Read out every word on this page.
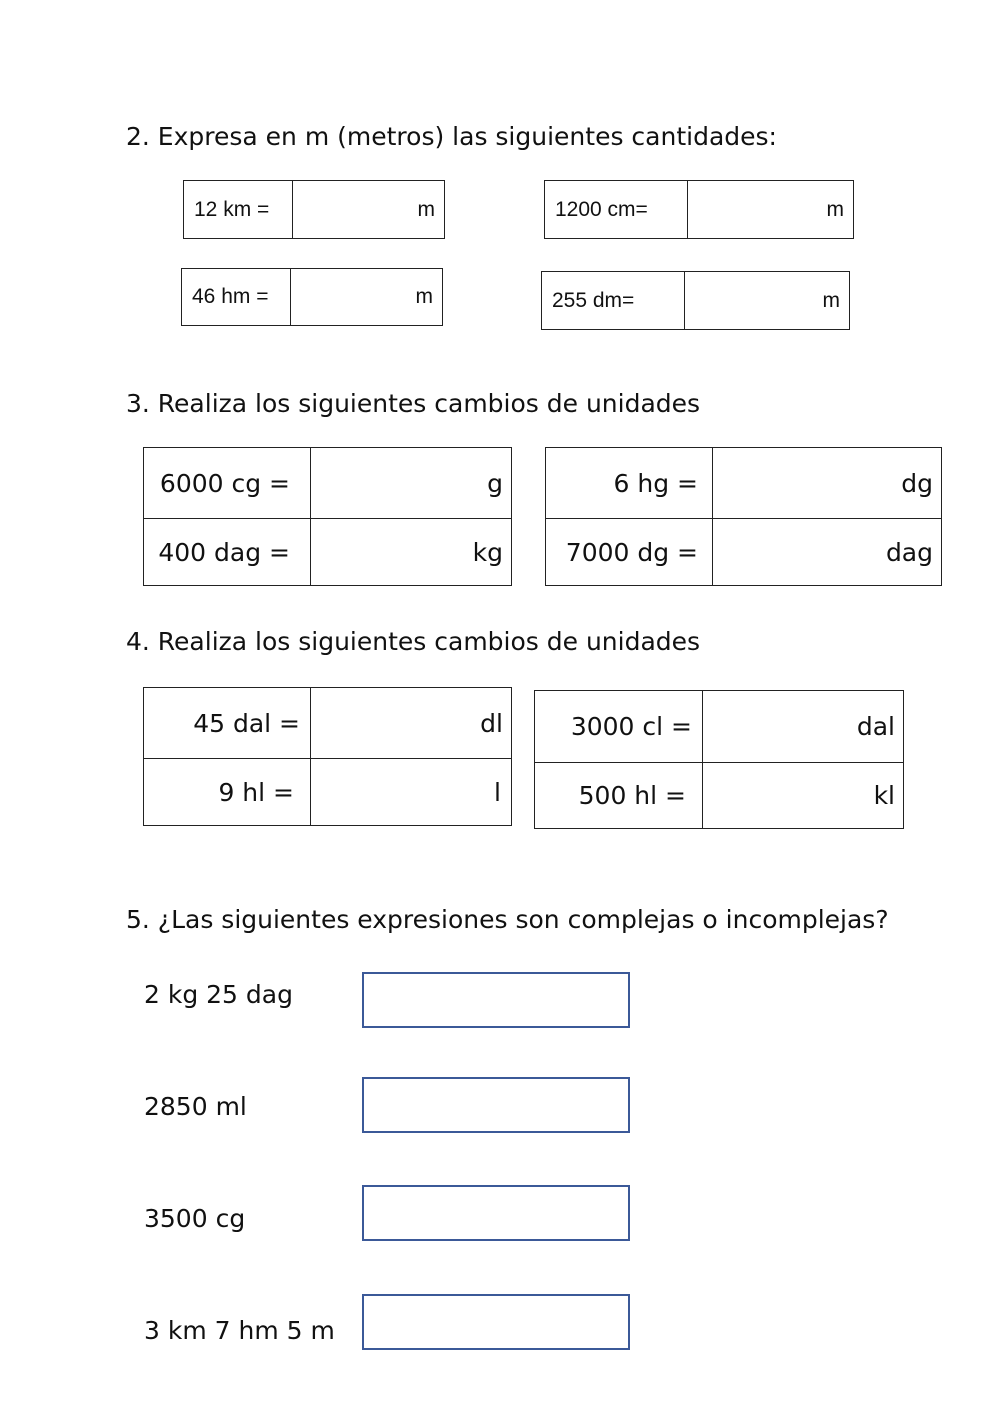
2. Expresa en m (metros) las siguientes cantidades:
12 km =	m	1200 cm=	m
46 hm =	m	255 dm=	m
3. Realiza los siguientes cambios de unidades
6000 cg =	g
400 dag =	kg
6 hg =	dg
7000 dg =	dag
4. Realiza los siguientes cambios de unidades
45 dal =	dl
9 hl =	l
3000 cl =	dal
500 hl =	kl
5. ¿Las siguientes expresiones son complejas o incomplejas?
2 kg 25 dag
2850 ml
3500 cg
3 km 7 hm 5 m
